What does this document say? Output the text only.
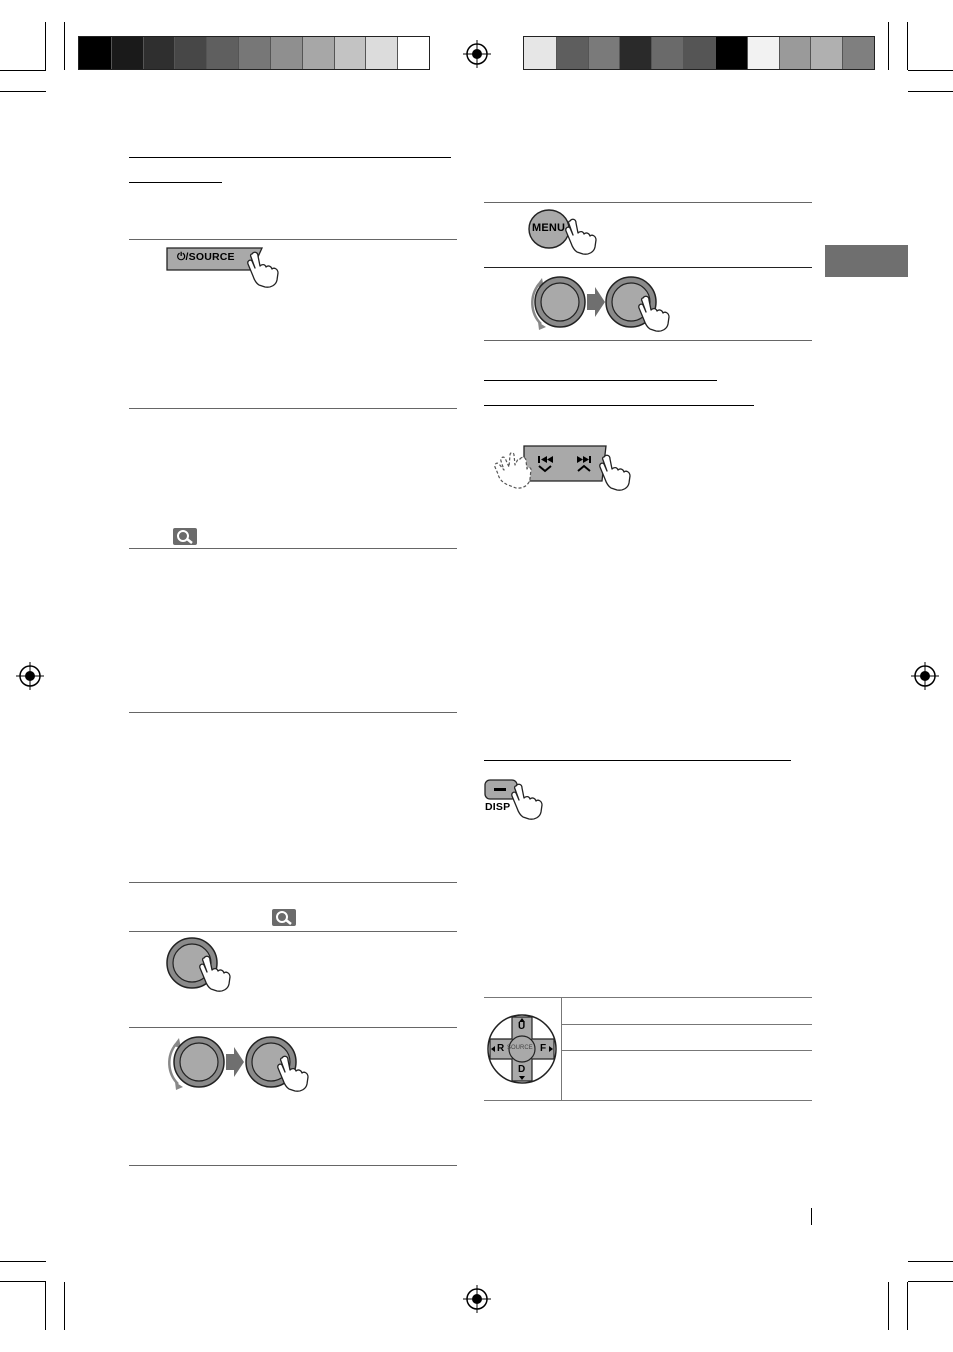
⏻/SOURCE
MENU
DISP
U
D
R	F
SOURCE
